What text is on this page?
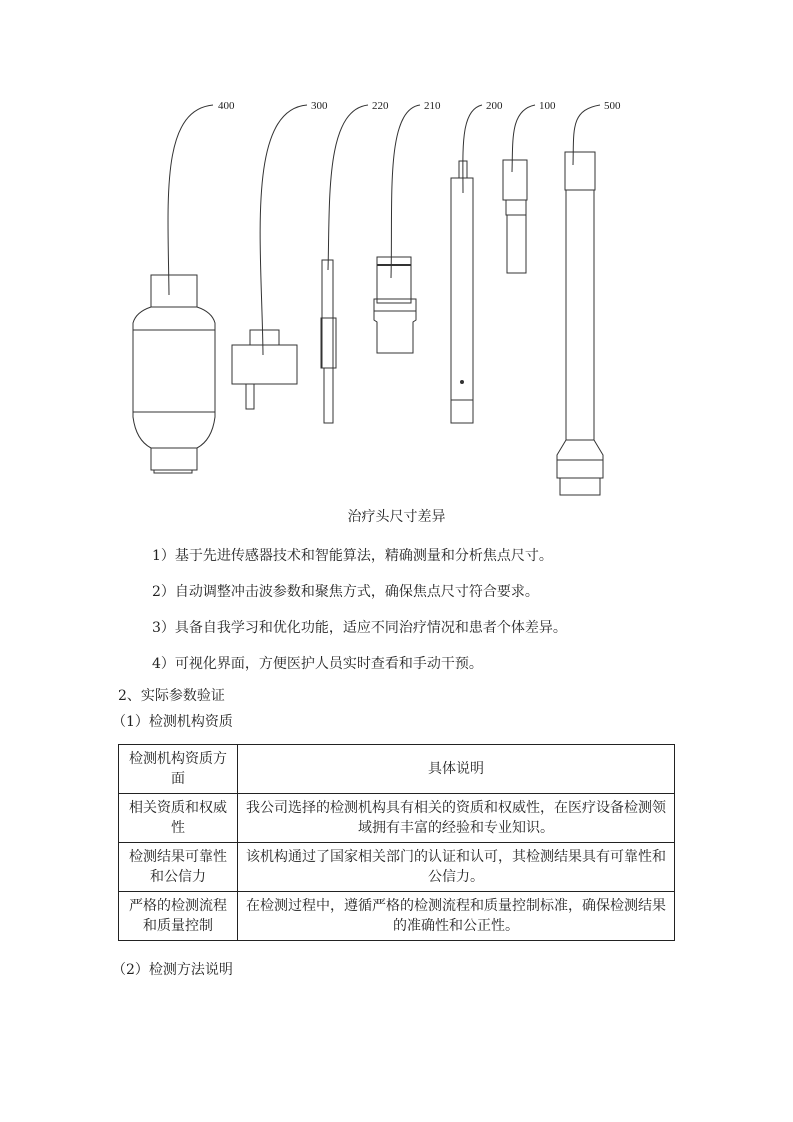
400	300	220	210	200	100	500
治疗头尺寸差异
1）基于先进传感器技术和智能算法，精确测量和分析焦点尺寸。
2）自动调整冲击波参数和聚焦方式，确保焦点尺寸符合要求。
3）具备自我学习和优化功能，适应不同治疗情况和患者个体差异。
4）可视化界面，方便医护人员实时查看和手动干预。
2、实际参数验证
（1）检测机构资质
检测机构资质方面	具体说明
相关资质和权威性	我公司选择的检测机构具有相关的资质和权威性，在医疗设备检测领域拥有丰富的经验和专业知识。
检测结果可靠性和公信力	该机构通过了国家相关部门的认证和认可，其检测结果具有可靠性和公信力。
严格的检测流程和质量控制	在检测过程中，遵循严格的检测流程和质量控制标准，确保检测结果的准确性和公正性。
（2）检测方法说明
